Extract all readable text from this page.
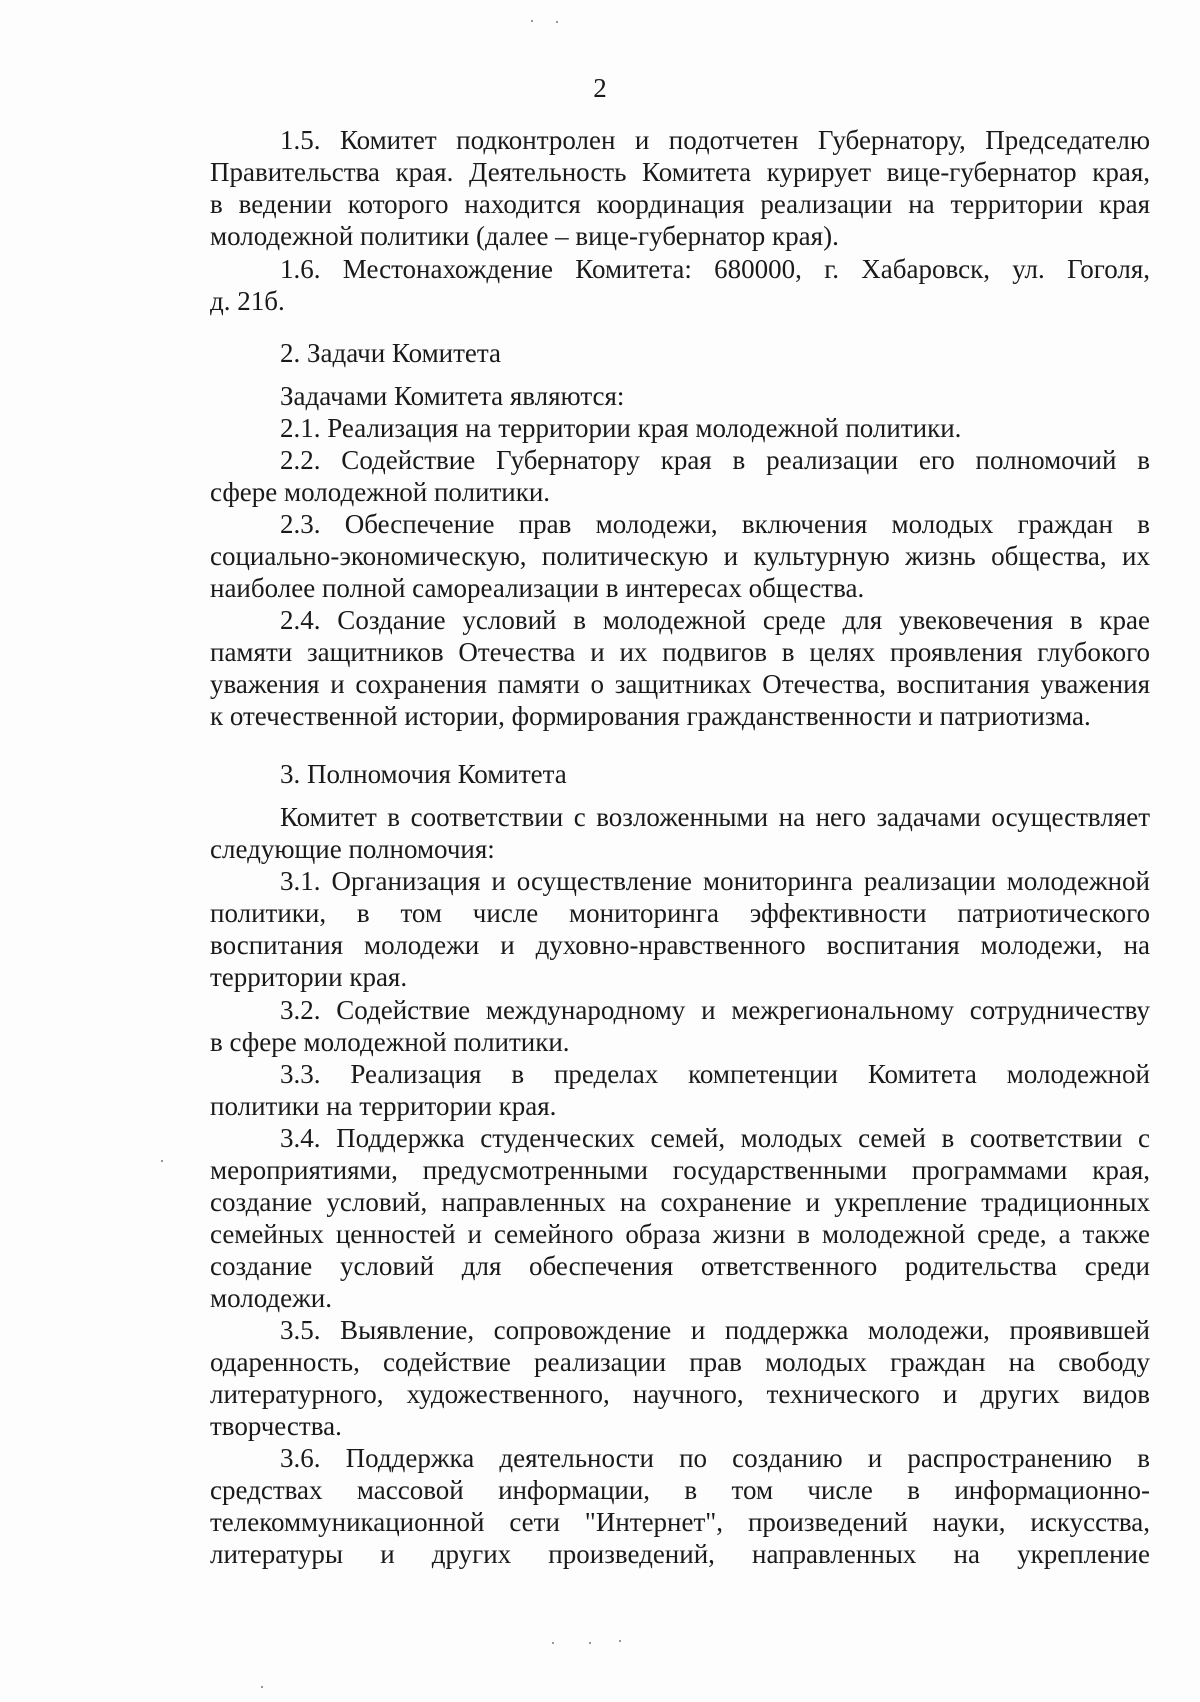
2
1.5. Комитет подконтролен и подотчетен Губернатору, Председателю
Правительства края. Деятельность Комитета курирует вице-губернатор края,
в ведении которого находится координация реализации на территории края
молодежной политики (далее – вице-губернатор края).
1.6. Местонахождение Комитета: 680000, г. Хабаровск, ул. Гоголя,
д. 21б.
2. Задачи Комитета
Задачами Комитета являются:
2.1. Реализация на территории края молодежной политики.
2.2. Содействие Губернатору края в реализации его полномочий в
сфере молодежной политики.
2.3. Обеспечение прав молодежи, включения молодых граждан в
социально-экономическую, политическую и культурную жизнь общества, их
наиболее полной самореализации в интересах общества.
2.4. Создание условий в молодежной среде для увековечения в крае
памяти защитников Отечества и их подвигов в целях проявления глубокого
уважения и сохранения памяти о защитниках Отечества, воспитания уважения
к отечественной истории, формирования гражданственности и патриотизма.
3. Полномочия Комитета
Комитет в соответствии с возложенными на него задачами осуществляет
следующие полномочия:
3.1. Организация и осуществление мониторинга реализации молодежной
политики, в том числе мониторинга эффективности патриотического
воспитания молодежи и духовно-нравственного воспитания молодежи, на
территории края.
3.2. Содействие международному и межрегиональному сотрудничеству
в сфере молодежной политики.
3.3. Реализация в пределах компетенции Комитета молодежной
политики на территории края.
3.4. Поддержка студенческих семей, молодых семей в соответствии с
мероприятиями, предусмотренными государственными программами края,
создание условий, направленных на сохранение и укрепление традиционных
семейных ценностей и семейного образа жизни в молодежной среде, а также
создание условий для обеспечения ответственного родительства среди
молодежи.
3.5. Выявление, сопровождение и поддержка молодежи, проявившей
одаренность, содействие реализации прав молодых граждан на свободу
литературного, художественного, научного, технического и других видов
творчества.
3.6. Поддержка деятельности по созданию и распространению в
средствах массовой информации, в том числе в информационно-
телекоммуникационной сети "Интернет", произведений науки, искусства,
литературы и других произведений, направленных на укрепление
